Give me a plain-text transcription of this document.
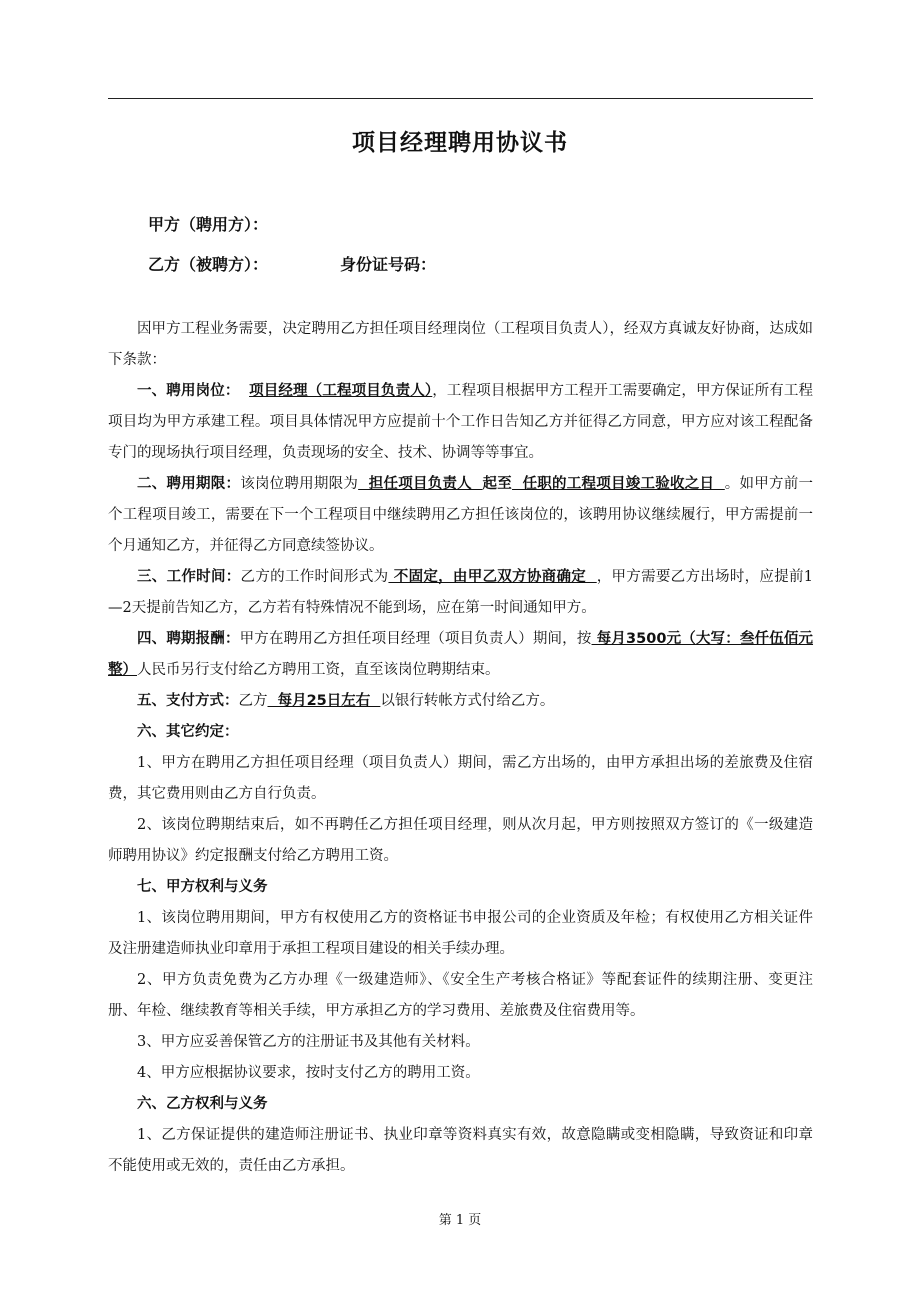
项目经理聘用协议书
甲方（聘用方）：
乙方（被聘方）：	身份证号码：

因甲方工程业务需要，决定聘用乙方担任项目经理岗位（工程项目负责人），经双方真诚友好协商，达成如下条款：

一、聘用岗位： 项目经理（工程项目负责人），工程项目根据甲方工程开工需要确定，甲方保证所有工程项目均为甲方承建工程。项目具体情况甲方应提前十个工作日告知乙方并征得乙方同意，甲方应对该工程配备专门的现场执行项目经理，负责现场的安全、技术、协调等等事宜。

二、聘用期限：该岗位聘用期限为  担任项目负责人  起至  任职的工程项目竣工验收之日  。如甲方前一个工程项目竣工，需要在下一个工程项目中继续聘用乙方担任该岗位的，该聘用协议继续履行，甲方需提前一个月通知乙方，并征得乙方同意续签协议。

三、工作时间：乙方的工作时间形式为 不固定，由甲乙双方协商确定  ，甲方需要乙方出场时，应提前1—2天提前告知乙方，乙方若有特殊情况不能到场，应在第一时间通知甲方。

四、聘期报酬：甲方在聘用乙方担任项目经理（项目负责人）期间，按 每月3500元（大写：叁仟伍佰元整）人民币另行支付给乙方聘用工资，直至该岗位聘期结束。

五、支付方式：乙方  每月25日左右  以银行转帐方式付给乙方。

六、其它约定：

1、甲方在聘用乙方担任项目经理（项目负责人）期间，需乙方出场的，由甲方承担出场的差旅费及住宿费，其它费用则由乙方自行负责。

2、该岗位聘期结束后，如不再聘任乙方担任项目经理，则从次月起，甲方则按照双方签订的《一级建造师聘用协议》约定报酬支付给乙方聘用工资。

七、甲方权利与义务

1、该岗位聘用期间，甲方有权使用乙方的资格证书申报公司的企业资质及年检；有权使用乙方相关证件及注册建造师执业印章用于承担工程项目建设的相关手续办理。

2、甲方负责免费为乙方办理《一级建造师》、《安全生产考核合格证》等配套证件的续期注册、变更注册、年检、继续教育等相关手续，甲方承担乙方的学习费用、差旅费及住宿费用等。

3、甲方应妥善保管乙方的注册证书及其他有关材料。

4、甲方应根据协议要求，按时支付乙方的聘用工资。

六、乙方权利与义务

1、乙方保证提供的建造师注册证书、执业印章等资料真实有效，故意隐瞒或变相隐瞒，导致资证和印章不能使用或无效的，责任由乙方承担。

第 1 页
